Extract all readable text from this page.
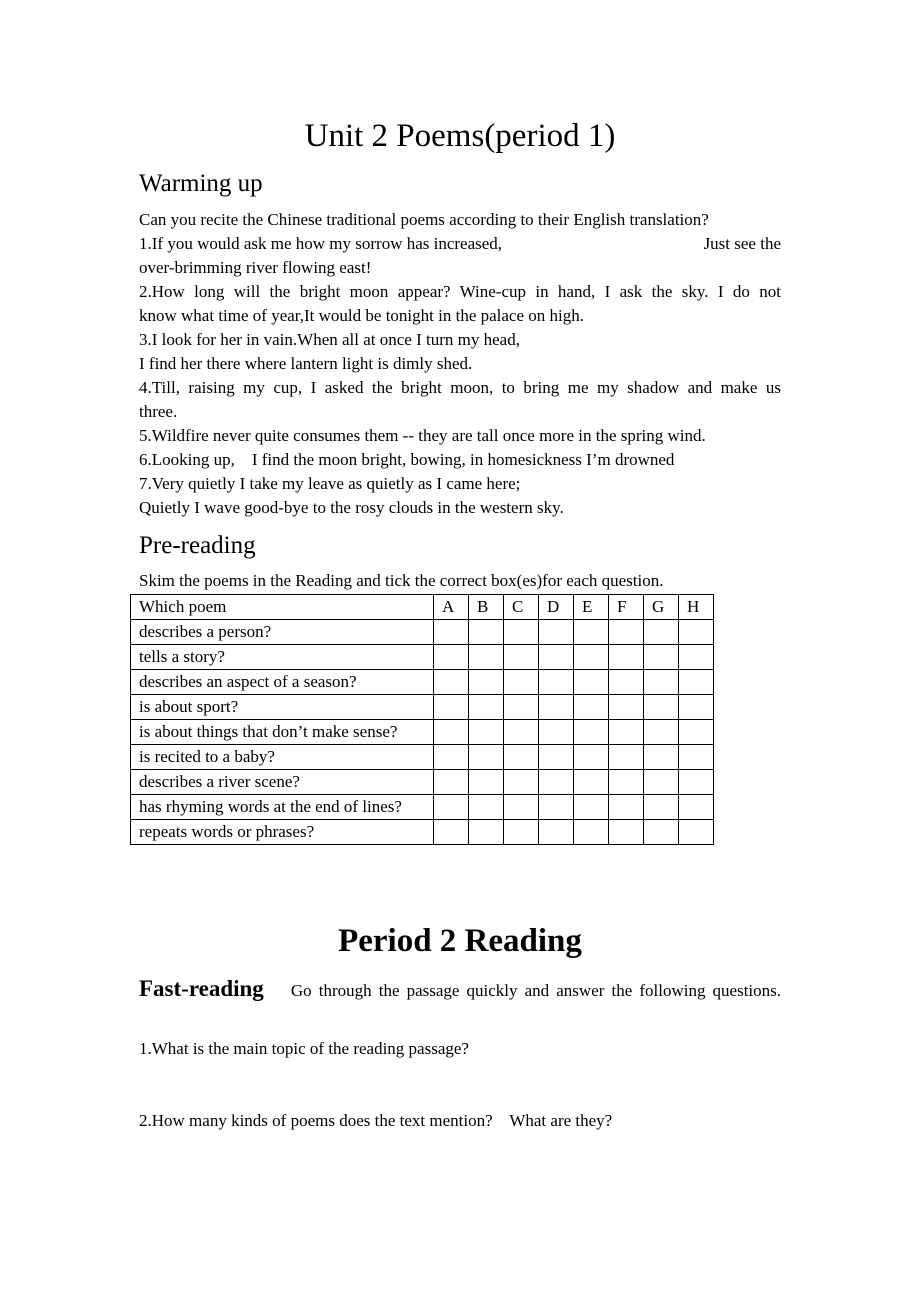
Unit 2 Poems(period 1)
Warming up
Can you recite the Chinese traditional poems according to their English translation?
1.If you would ask me how my sorrow has increased,	Just see the
over-brimming river flowing east!
2.How long will the bright moon appear? Wine-cup in hand, I ask the sky. I do not
know what time of year,It would be tonight in the palace on high.
3.I look for her in vain.When all at once I turn my head,
I find her there where lantern light is dimly shed.
4.Till, raising my cup, I asked the bright moon, to bring me my shadow and make us
three.
5.Wildfire never quite consumes them -- they are tall once more in the spring wind.
6.Looking up,    I find the moon bright, bowing, in homesickness I’m drowned
7.Very quietly I take my leave as quietly as I came here;
Quietly I wave good-bye to the rosy clouds in the western sky.
Pre-reading
Skim the poems in the Reading and tick the correct box(es)for each question.
Which poem	A	B	C	D	E	F	G	H
describes a person?								
tells a story?								
describes an aspect of a season?								
is about sport?								
is about things that don’t make sense?								
is recited to a baby?								
describes a river scene?								
has rhyming words at the end of lines?								
repeats words or phrases?								
Period 2 Reading
Fast-reading Go through the passage quickly and answer the following questions.
1.What is the main topic of the reading passage?
2.How many kinds of poems does the text mention?    What are they?
